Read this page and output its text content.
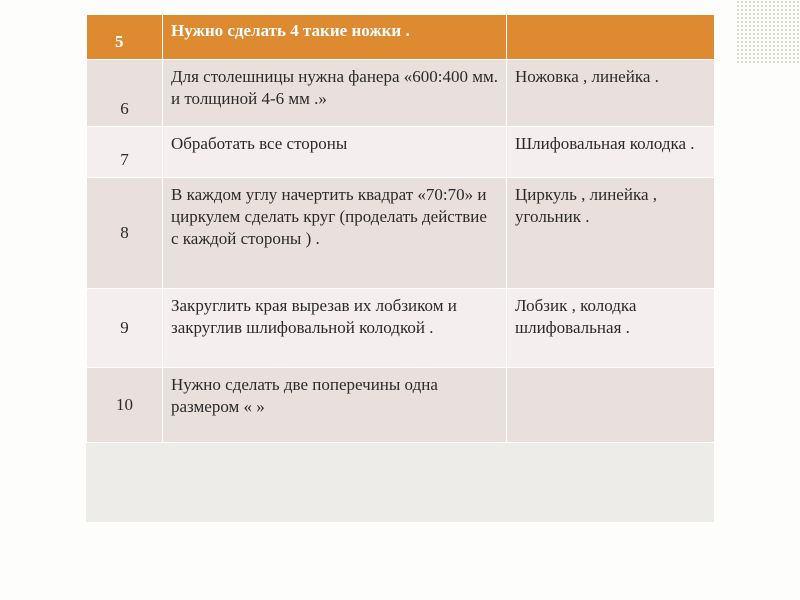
5	Нужно сделать 4 такие ножки .	
6	Для столешницы нужна фанера «600:400 мм. и толщиной 4-6 мм .»	Ножовка , линейка .
7	Обработать все стороны	Шлифовальная колодка .
8	В каждом углу начертить квадрат «70:70» и циркулем сделать круг (проделать действие с каждой стороны ) .	Циркуль , линейка , угольник .
9	Закруглить края вырезав их лобзиком и закруглив шлифовальной колодкой .	Лобзик , колодка шлифовальная .
10	Нужно сделать две поперечины одна размером « »	
